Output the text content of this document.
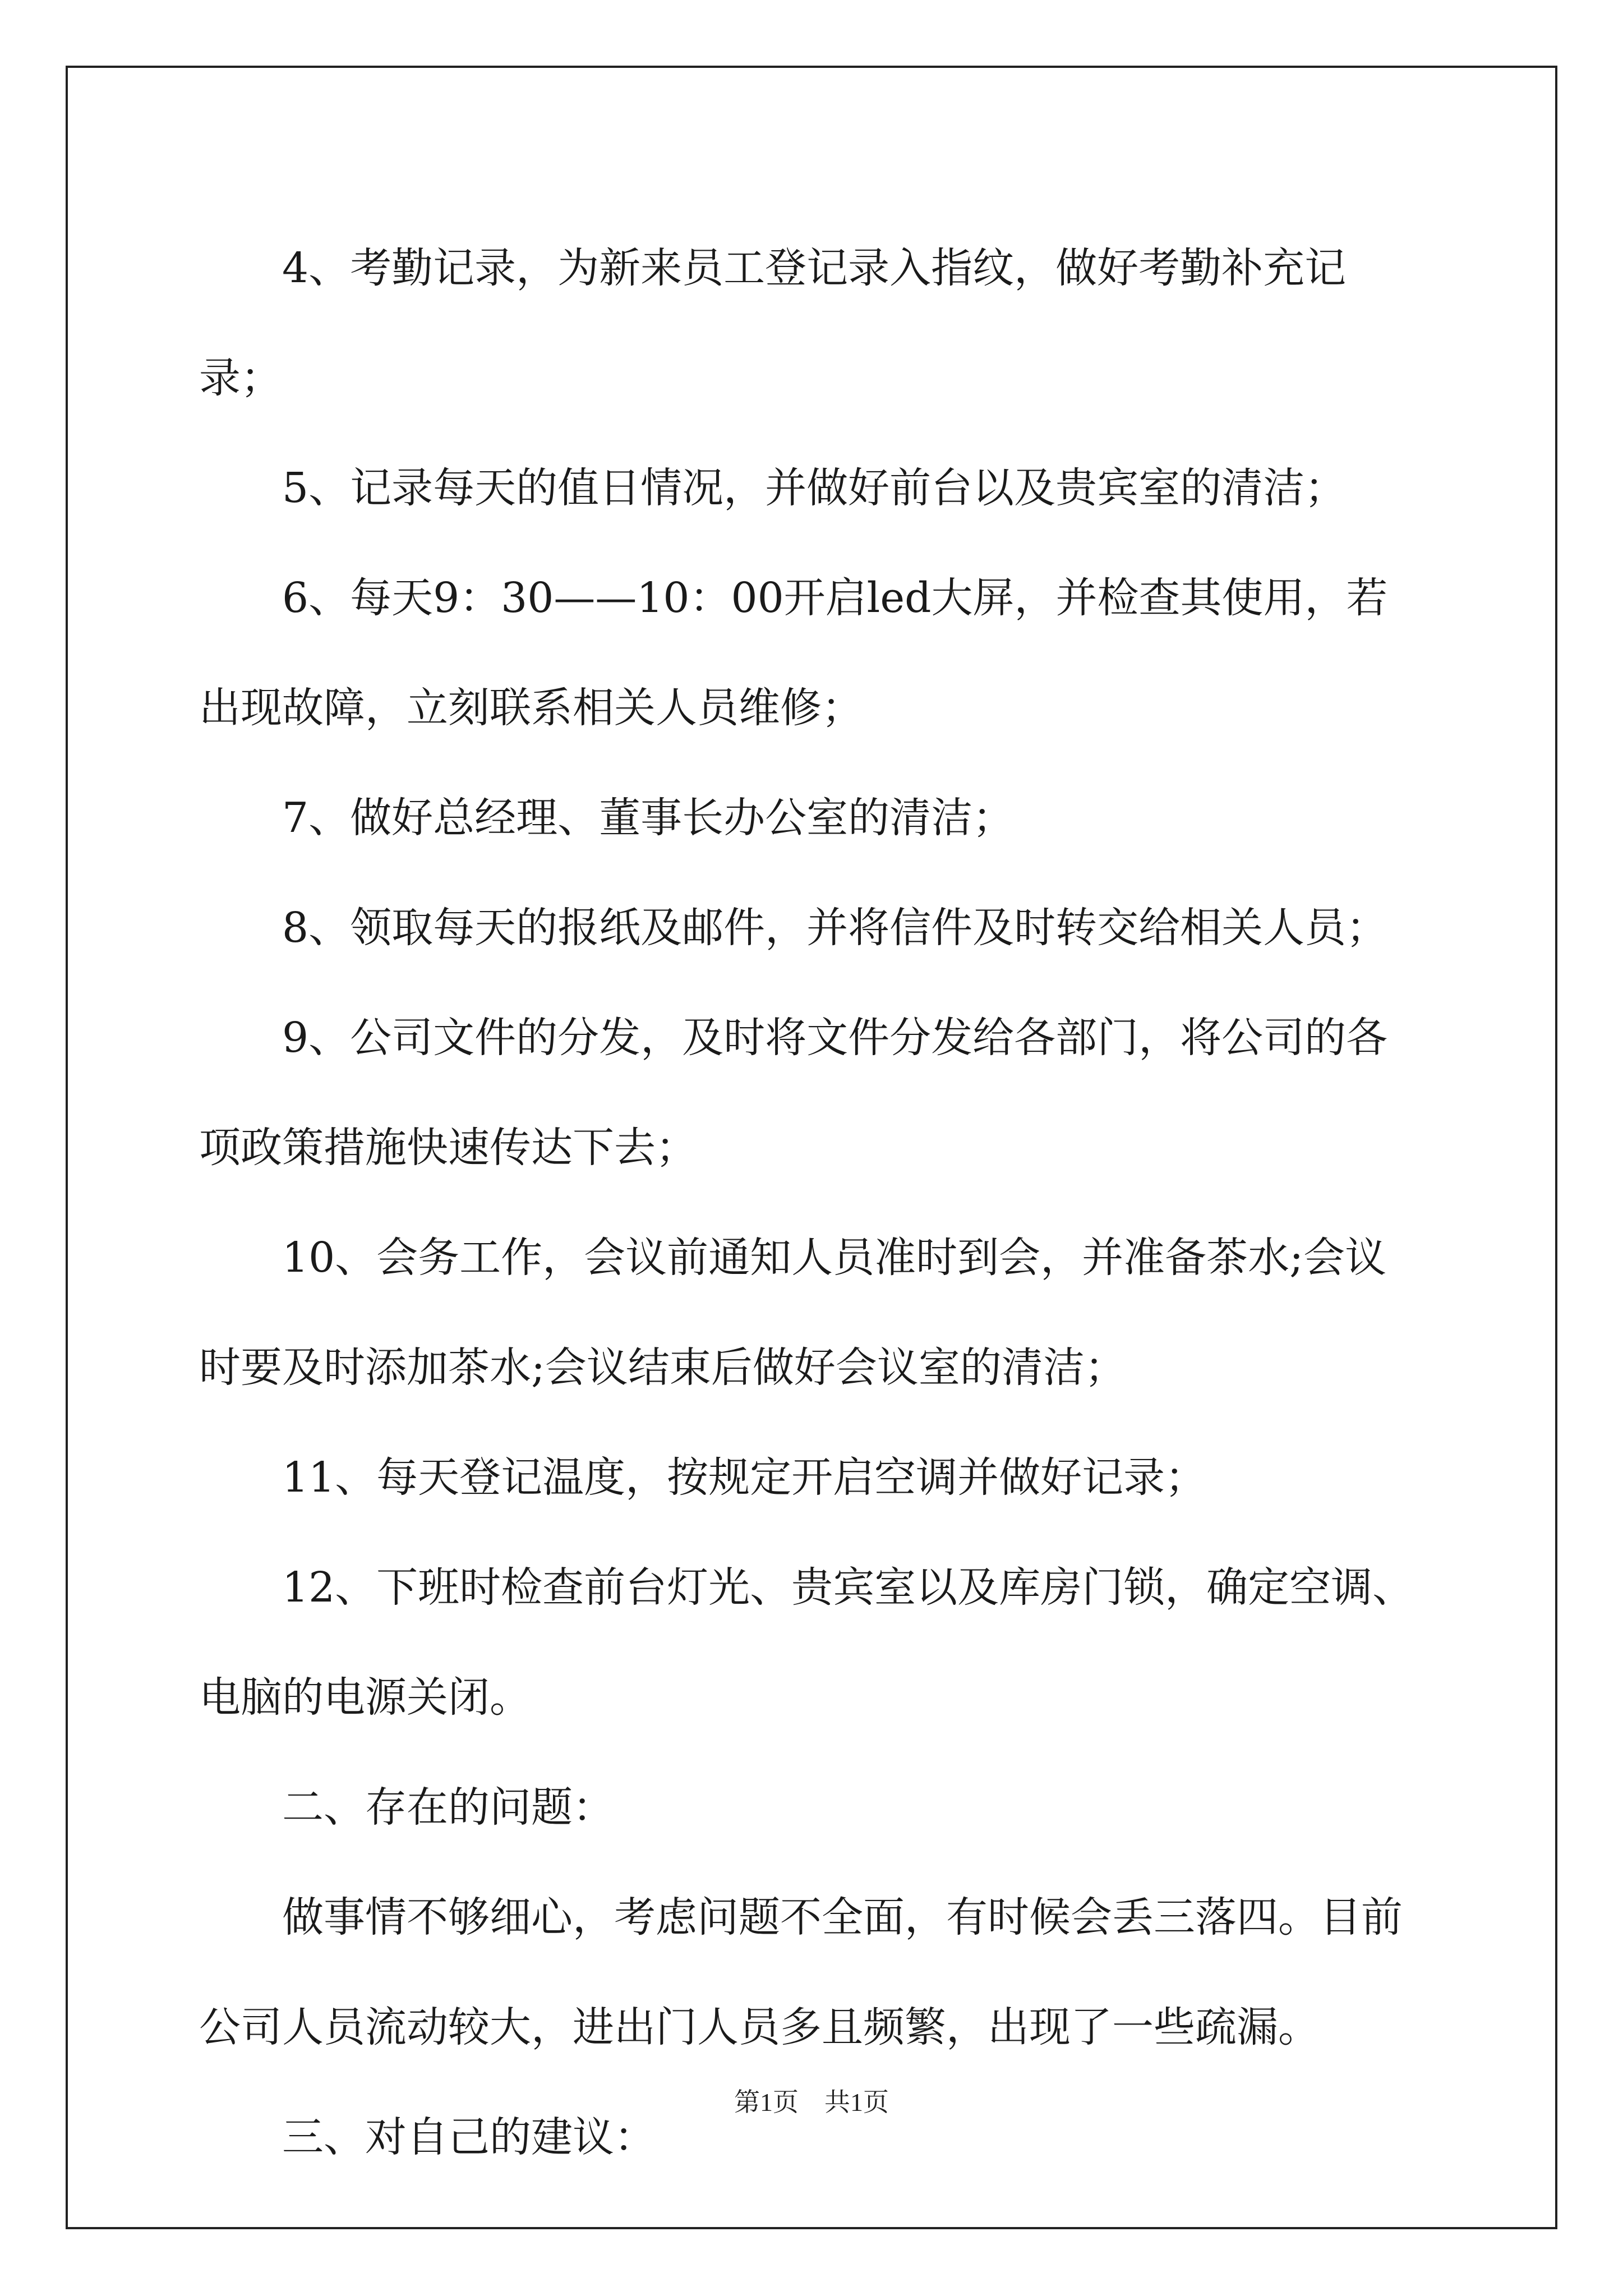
4、考勤记录，为新来员工登记录入指纹，做好考勤补充记录；

5、记录每天的值日情况，并做好前台以及贵宾室的清洁；

6、每天9：30——10：00开启led大屏，并检查其使用，若出现故障，立刻联系相关人员维修；

7、做好总经理、董事长办公室的清洁；

8、领取每天的报纸及邮件，并将信件及时转交给相关人员；

9、公司文件的分发，及时将文件分发给各部门，将公司的各项政策措施快速传达下去；

10、会务工作，会议前通知人员准时到会，并准备茶水;会议时要及时添加茶水;会议结束后做好会议室的清洁；

11、每天登记温度，按规定开启空调并做好记录；

12、下班时检查前台灯光、贵宾室以及库房门锁，确定空调、电脑的电源关闭。

二、存在的问题：

做事情不够细心，考虑问题不全面，有时候会丢三落四。目前公司人员流动较大，进出门人员多且频繁，出现了一些疏漏。

三、对自己的建议：

第1页　共1页
